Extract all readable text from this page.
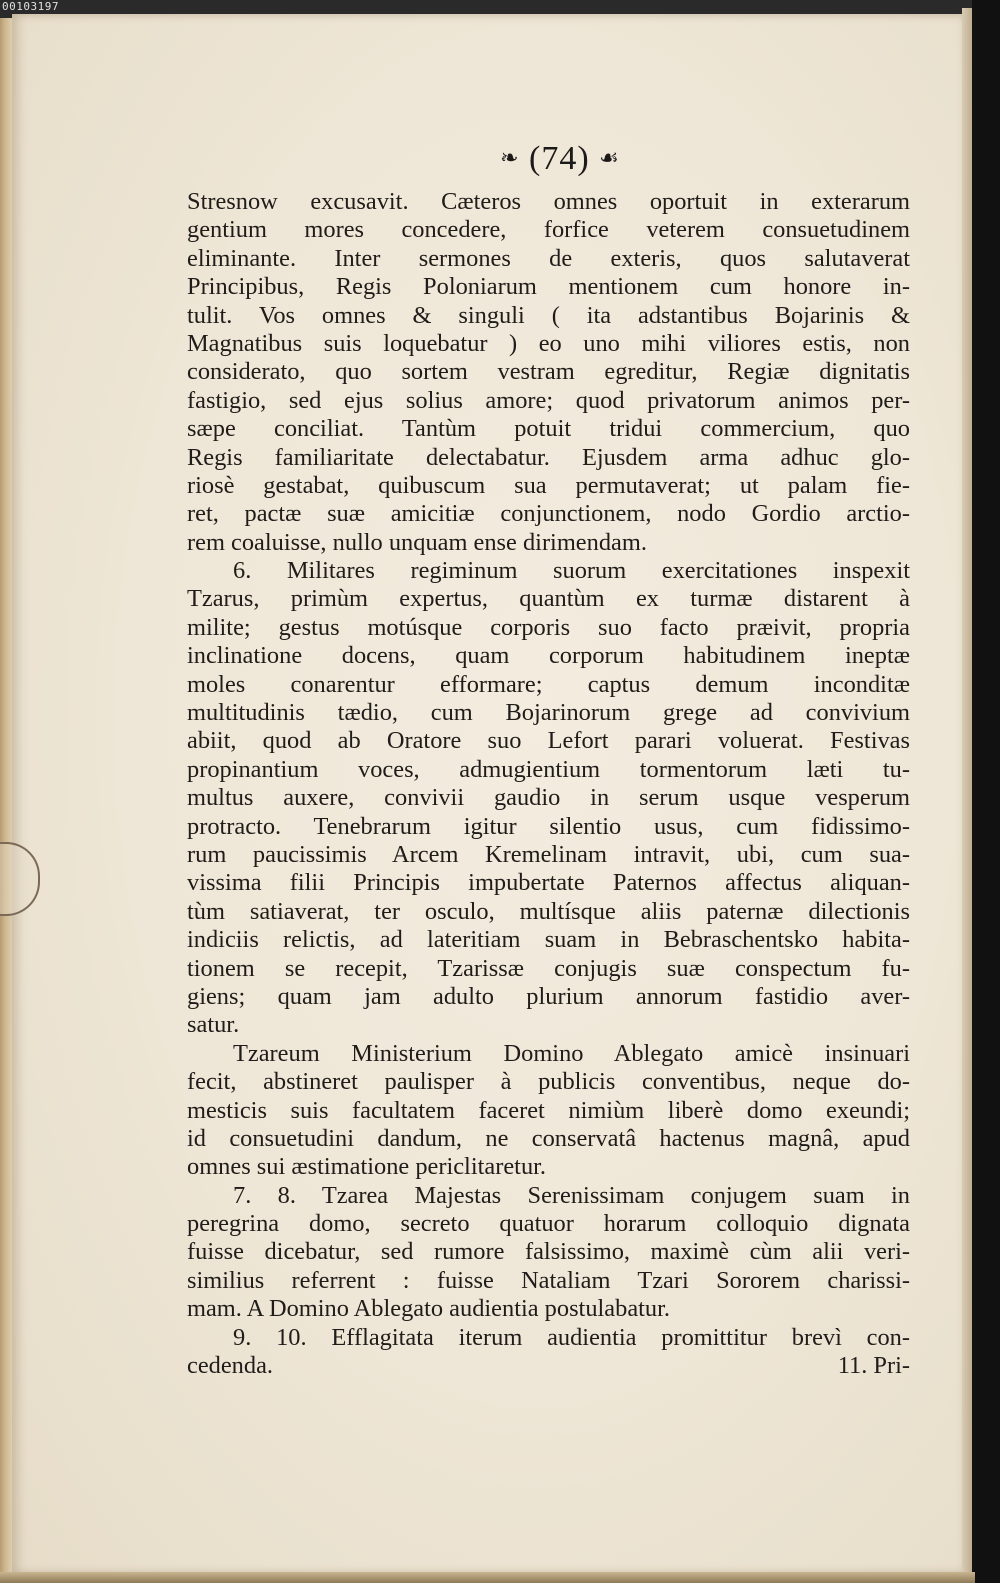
00103197
❧ (74) ☙
Stresnow excusavit. Cæteros omnes oportuit in exterarum
gentium mores concedere, forfice veterem consuetudinem
eliminante. Inter sermones de exteris, quos salutaverat
Principibus, Regis Poloniarum mentionem cum honore in-
tulit. Vos omnes & singuli ( ita adstantibus Bojarinis &
Magnatibus suis loquebatur ) eo uno mihi viliores estis, non
considerato, quo sortem vestram egreditur, Regiæ dignitatis
fastigio, sed ejus solius amore; quod privatorum animos per-
sæpe conciliat. Tantùm potuit tridui commercium, quo
Regis familiaritate delectabatur. Ejusdem arma adhuc glo-
riosè gestabat, quibuscum sua permutaverat; ut palam fie-
ret, pactæ suæ amicitiæ conjunctionem, nodo Gordio arctio-
rem coaluisse, nullo unquam ense dirimendam.
6. Militares regiminum suorum exercitationes inspexit
Tzarus, primùm expertus, quantùm ex turmæ distarent à
milite; gestus motúsque corporis suo facto præivit, propria
inclinatione docens, quam corporum habitudinem ineptæ
moles conarentur efformare; captus demum inconditæ
multitudinis tædio, cum Bojarinorum grege ad convivium
abiit, quod ab Oratore suo Lefort parari voluerat. Festivas
propinantium voces, admugientium tormentorum læti tu-
multus auxere, convivii gaudio in serum usque vesperum
protracto. Tenebrarum igitur silentio usus, cum fidissimo-
rum paucissimis Arcem Kremelinam intravit, ubi, cum sua-
vissima filii Principis impubertate Paternos affectus aliquan-
tùm satiaverat, ter osculo, multísque aliis paternæ dilectionis
indiciis relictis, ad lateritiam suam in Bebraschentsko habita-
tionem se recepit, Tzarissæ conjugis suæ conspectum fu-
giens; quam jam adulto plurium annorum fastidio aver-
satur.
Tzareum Ministerium Domino Ablegato amicè insinuari
fecit, abstineret paulisper à publicis conventibus, neque do-
mesticis suis facultatem faceret nimiùm liberè domo exeundi;
id consuetudini dandum, ne conservatâ hactenus magnâ, apud
omnes sui æstimatione periclitaretur.
7. 8. Tzarea Majestas Serenissimam conjugem suam in
peregrina domo, secreto quatuor horarum colloquio dignata
fuisse dicebatur, sed rumore falsissimo, maximè cùm alii veri-
similius referrent : fuisse Nataliam Tzari Sororem charissi-
mam. A Domino Ablegato audientia postulabatur.
9. 10. Efflagitata iterum audientia promittitur brevì con-
cedenda.	11. Pri-
